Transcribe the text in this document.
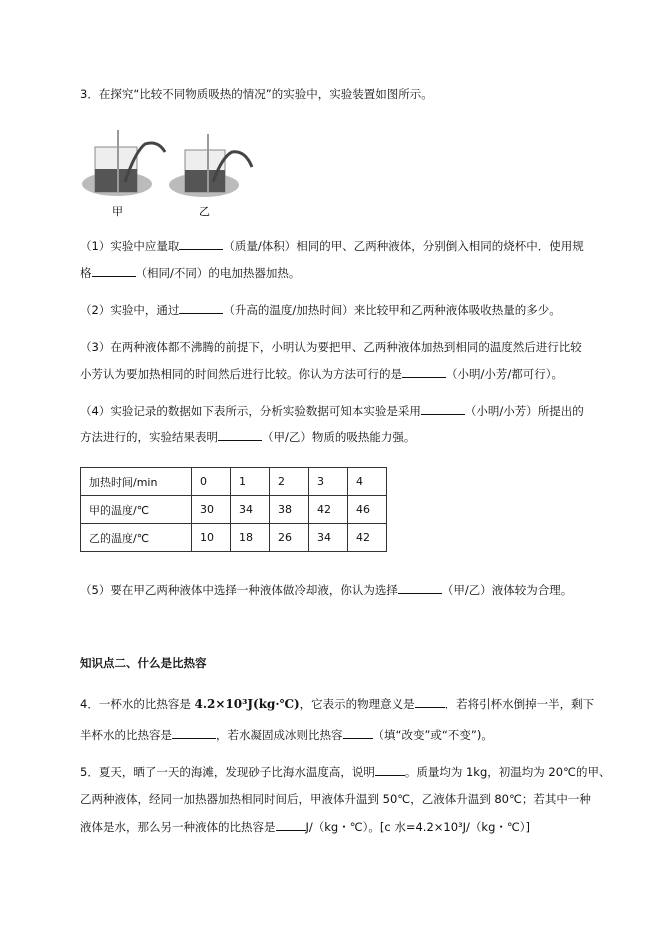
3．在探究“比较不同物质吸热的情况”的实验中，实验装置如图所示。
甲	乙
（1）实验中应量取	（质量/体积）相同的甲、乙两种液体，分别倒入相同的烧杯中．使用规
格	（相同/不同）的电加热器加热。
（2）实验中，通过	（升高的温度/加热时间）来比较甲和乙两种液体吸收热量的多少。
（3）在两种液体都不沸腾的前提下，小明认为要把甲、乙两种液体加热到相同的温度然后进行比较
小芳认为要加热相同的时间然后进行比较。你认为方法可行的是	（小明/小芳/都可行）。
（4）实验记录的数据如下表所示，分析实验数据可知本实验是采用	（小明/小芳）所提出的
方法进行的，实验结果表明	（甲/乙）物质的吸热能力强。
加热时间/min	0	1	2	3	4
甲的温度/℃	30	34	38	42	46
乙的温度/℃	10	18	26	34	42
（5）要在甲乙两种液体中选择一种液体做冷却液，你认为选择	（甲/乙）液体较为合理。
知识点二、什么是比热容
4．一杯水的比热容是 4.2×10³J(kg·℃)，它表示的物理意义是	．若将引杯水倒掉一半，剩下
半杯水的比热容是	，若水凝固成冰则比热容	（填“改变”或“不变”)。
5．夏天，晒了一天的海滩，发现砂子比海水温度高，说明	。质量均为 1kg，初温均为 20℃的甲、
乙两种液体，经同一加热器加热相同时间后，甲液体升温到 50℃，乙液体升温到 80℃；若其中一种
液体是水，那么另一种液体的比热容是	J/（kg・℃）。[c 水=4.2×10³J/（kg・℃）]
